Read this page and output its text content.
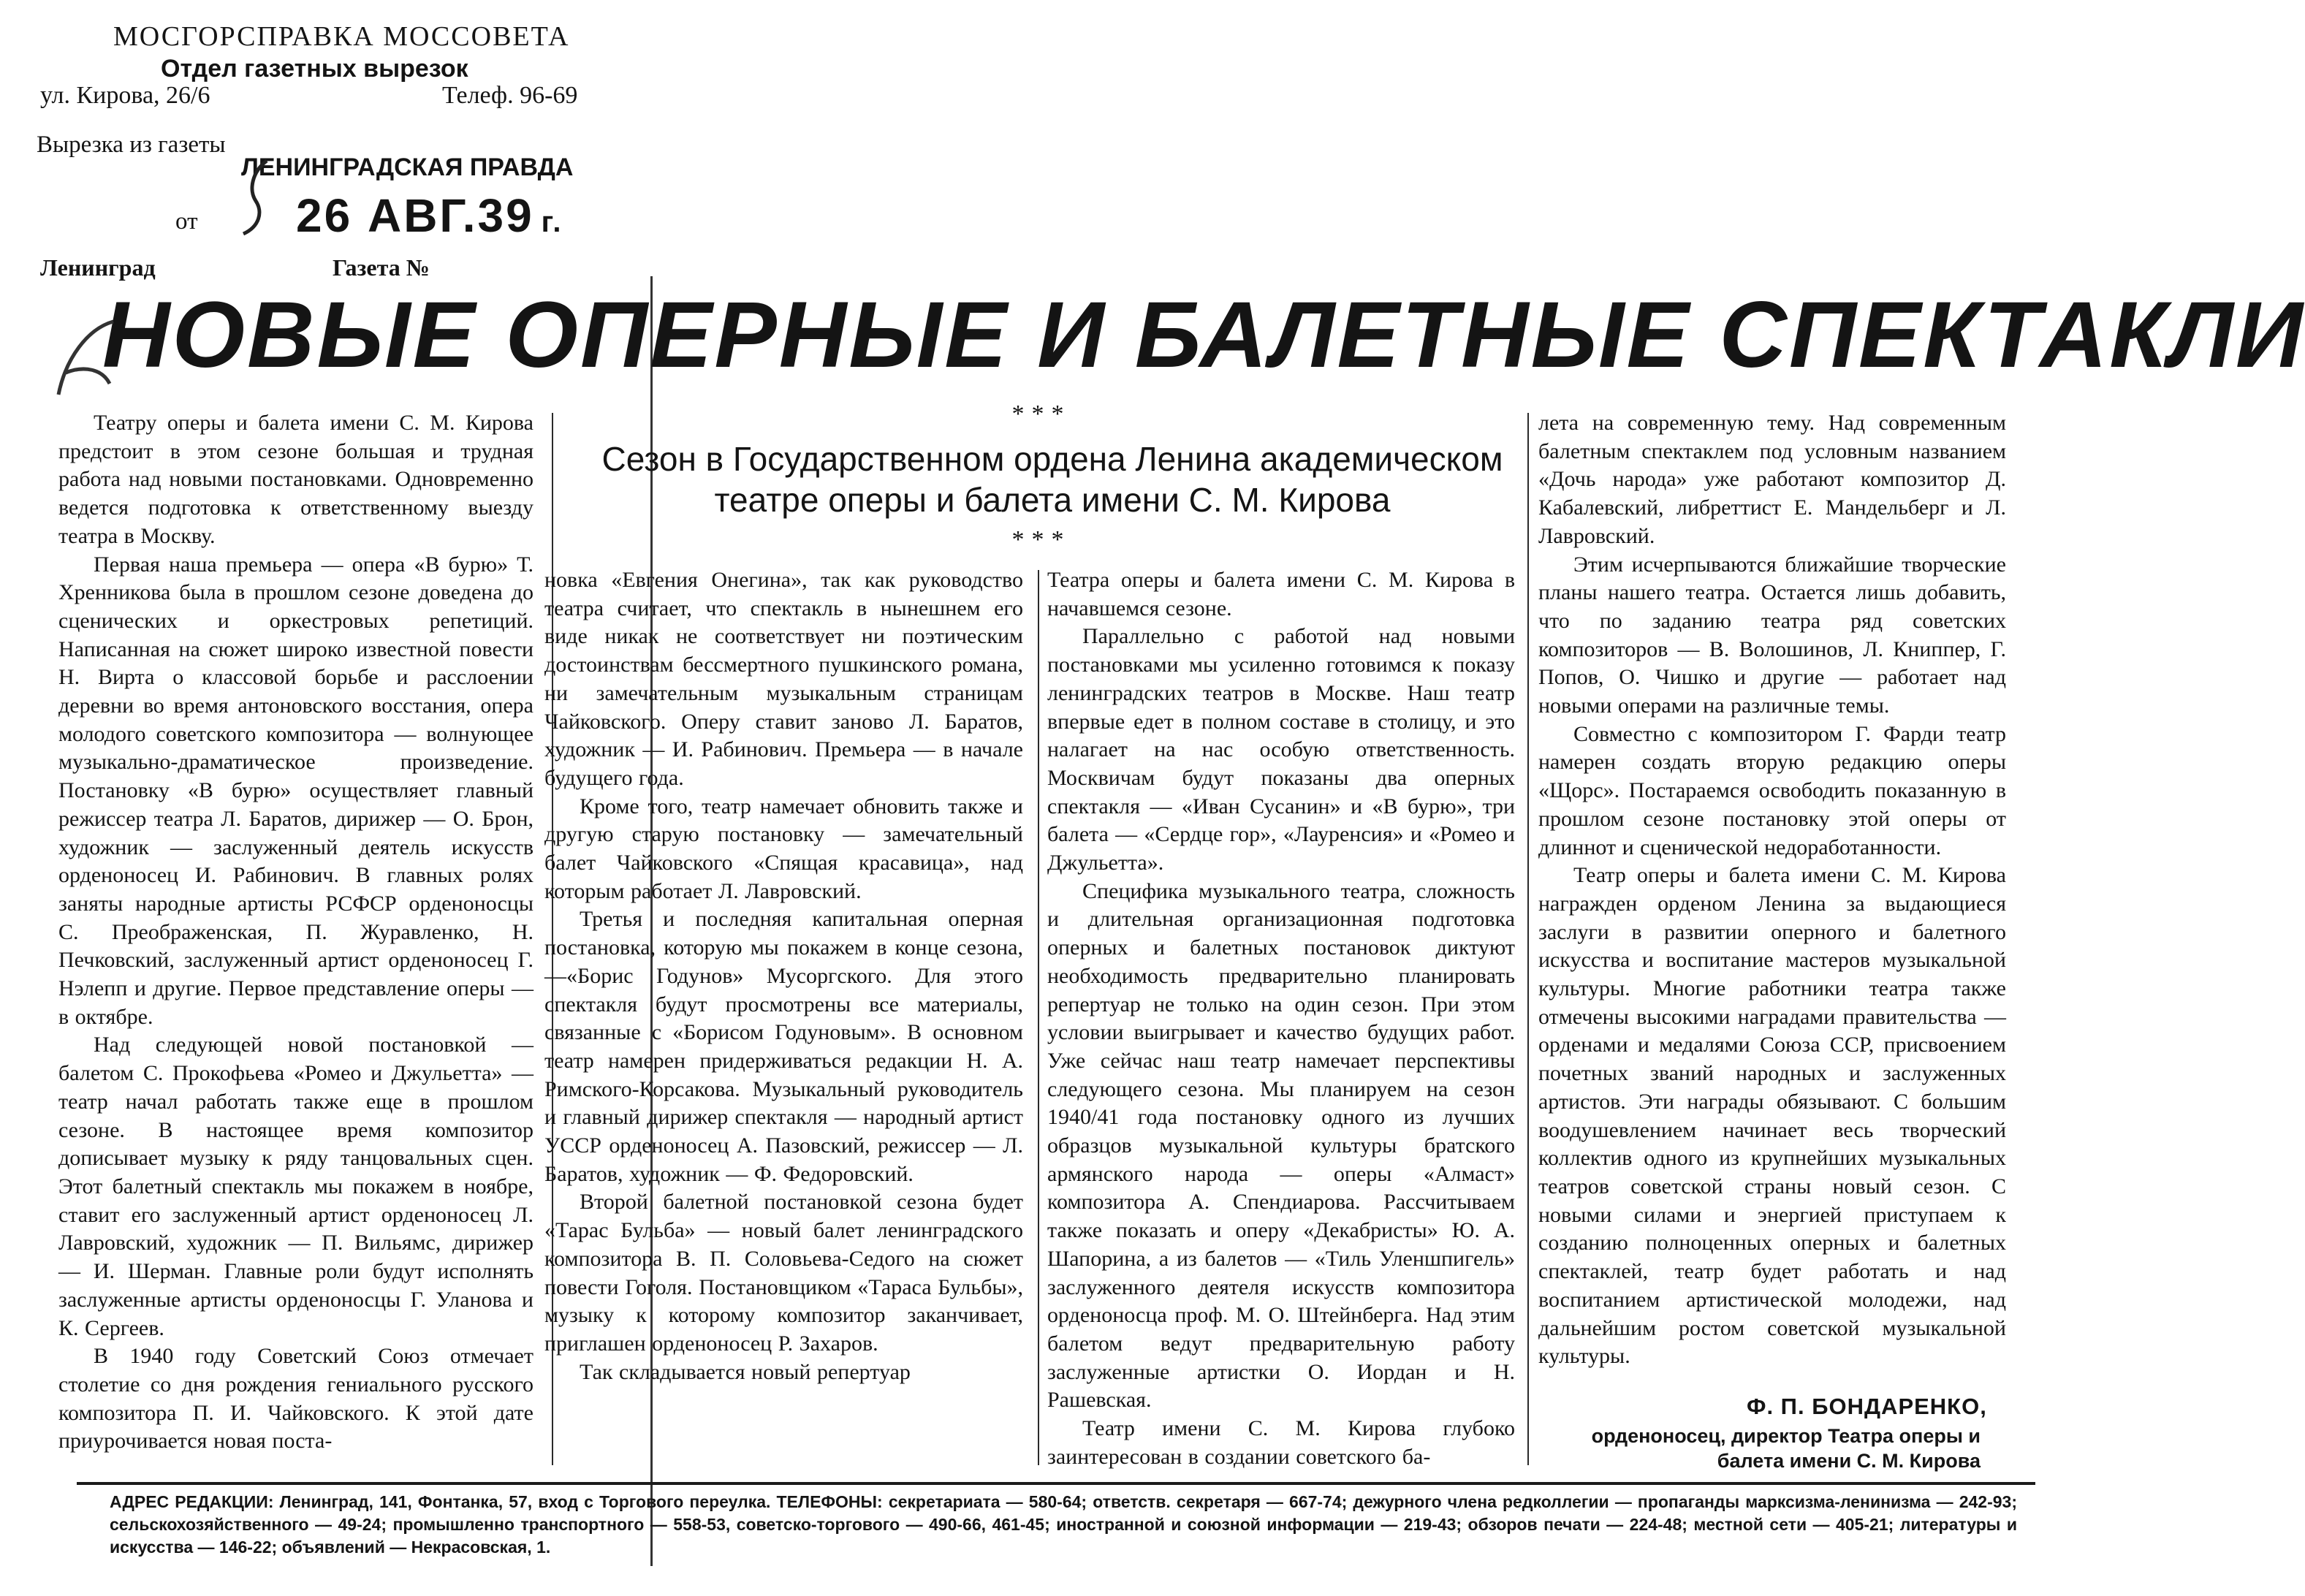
МОСГОРСПРАВКА МОССОВЕТА
Отдел газетных вырезок
ул. Кирова, 26/6	Телеф. 96-69
Вырезка из газеты
ЛЕНИНГРАДСКАЯ ПРАВДА
от 26 АВГ.39 г.
Ленинград	Газета №
НОВЫЕ ОПЕРНЫЕ И БАЛЕТНЫЕ СПЕКТАКЛИ
***
Сезон в Государственном ордена Ленина академическом театре оперы и балета имени С. М. Кирова
***

Театру оперы и балета имени С. М. Кирова предстоит в этом сезоне большая и трудная работа над новыми постановками. Одновременно ведется подготовка к ответственному выезду театра в Москву.

Первая наша премьера — опера «В бурю» Т. Хренникова была в прошлом сезоне доведена до сценических и оркестровых репетиций. Написанная на сюжет широко известной повести Н. Вирта о классовой борьбе и расслоении деревни во время антоновского восстания, опера молодого советского композитора — волнующее музыкально-драматическое произведение. Постановку «В бурю» осуществляет главный режиссер театра Л. Баратов, дирижер — О. Брон, художник — заслуженный деятель искусств орденоносец И. Рабинович. В главных ролях заняты народные артисты РСФСР орденоносцы С. Преображенская, П. Журавленко, Н. Печковский, заслуженный артист орденоносец Г. Нэлепп и другие. Первое представление оперы — в октябре.

Над следующей новой постановкой — балетом С. Прокофьева «Ромео и Джульетта» — театр начал работать также еще в прошлом сезоне. В настоящее время композитор дописывает музыку к ряду танцовальных сцен. Этот балетный спектакль мы покажем в ноябре, ставит его заслуженный артист орденоносец Л. Лавровский, художник — П. Вильямс, дирижер — И. Шерман. Главные роли будут исполнять заслуженные артисты орденоносцы Г. Уланова и К. Сергеев.

В 1940 году Советский Союз отмечает столетие со дня рождения гениального русского композитора П. И. Чайковского. К этой дате приурочивается новая поста-

новка «Евгения Онегина», так как руководство театра считает, что спектакль в нынешнем его виде никак не соответствует ни поэтическим достоинствам бессмертного пушкинского романа, ни замечательным музыкальным страницам Чайковского. Оперу ставит заново Л. Баратов, художник — И. Рабинович. Премьера — в начале будущего года.

Кроме того, театр намечает обновить также и другую старую постановку — замечательный балет Чайковского «Спящая красавица», над которым работает Л. Лавровский.

Третья и последняя капитальная оперная постановка, которую мы покажем в конце сезона,—«Борис Годунов» Мусоргского. Для этого спектакля будут просмотрены все материалы, связанные с «Борисом Годуновым». В основном театр намерен придерживаться редакции Н. А. Римского-Корсакова. Музыкальный руководитель и главный дирижер спектакля — народный артист УССР орденоносец А. Пазовский, режиссер — Л. Баратов, художник — Ф. Федоровский.

Второй балетной постановкой сезона будет «Тарас Бульба» — новый балет ленинградского композитора В. П. Соловьева-Седого на сюжет повести Гоголя. Постановщиком «Тараса Бульбы», музыку к которому композитор заканчивает, приглашен орденоносец Р. Захаров.

Так складывается новый репертуар

Театра оперы и балета имени С. М. Кирова в начавшемся сезоне.

Параллельно с работой над новыми постановками мы усиленно готовимся к показу ленинградских театров в Москве. Наш театр впервые едет в полном составе в столицу, и это налагает на нас особую ответственность. Москвичам будут показаны два оперных спектакля — «Иван Сусанин» и «В бурю», три балета — «Сердце гор», «Лауренсия» и «Ромео и Джульетта».

Специфика музыкального театра, сложность и длительная организационная подготовка оперных и балетных постановок диктуют необходимость предварительно планировать репертуар не только на один сезон. При этом условии выигрывает и качество будущих работ. Уже сейчас наш театр намечает перспективы следующего сезона. Мы планируем на сезон 1940/41 года постановку одного из лучших образцов музыкальной культуры братского армянского народа — оперы «Алмаст» композитора А. Спендиарова. Рассчитываем также показать и оперу «Декабристы» Ю. А. Шапорина, а из балетов — «Тиль Уленшпигель» заслуженного деятеля искусств композитора орденоносца проф. М. О. Штейнберга. Над этим балетом ведут предварительную работу заслуженные артистки О. Иордан и Н. Рашевская.

Театр имени С. М. Кирова глубоко заинтересован в создании советского ба-

лета на современную тему. Над современным балетным спектаклем под условным названием «Дочь народа» уже работают композитор Д. Кабалевский, либреттист Е. Мандельберг и Л. Лавровский.

Этим исчерпываются ближайшие творческие планы нашего театра. Остается лишь добавить, что по заданию театра ряд советских композиторов — В. Волошинов, Л. Книппер, Г. Попов, О. Чишко и другие — работает над новыми операми на различные темы.

Совместно с композитором Г. Фарди театр намерен создать вторую редакцию оперы «Щорс». Постараемся освободить показанную в прошлом сезоне постановку этой оперы от длиннот и сценической недоработанности.

Театр оперы и балета имени С. М. Кирова награжден орденом Ленина за выдающиеся заслуги в развитии оперного и балетного искусства и воспитание мастеров музыкальной культуры. Многие работники театра также отмечены высокими наградами правительства — орденами и медалями Союза ССР, присвоением почетных званий народных и заслуженных артистов. Эти награды обязывают. С большим воодушевлением начинает весь творческий коллектив одного из крупнейших музыкальных театров советской страны новый сезон. С новыми силами и энергией приступаем к созданию полноценных оперных и балетных спектаклей, театр будет работать и над воспитанием артистической молодежи, над дальнейшим ростом советской музыкальной культуры.

Ф. П. БОНДАРЕНКО,
орденоносец, директор Театра оперы и балета имени С. М. Кирова
АДРЕС РЕДАКЦИИ: Ленинград, 141, Фонтанка, 57, вход с Торгового переулка. ТЕЛЕФОНЫ: секретариата — 580-64; ответств. секретаря — 667-74; дежурного члена редколлегии — пропаганды марксизма-ленинизма — 242-93; сельскохозяйственного — 49-24; промышленно транспортного — 558-53, советско-торгового — 490-66, 461-45; иностранной и союзной информации — 219-43; обзоров печати — 224-48; местной сети — 405-21; литературы и искусства — 146-22; объявлений — Некрасовская, 1.
